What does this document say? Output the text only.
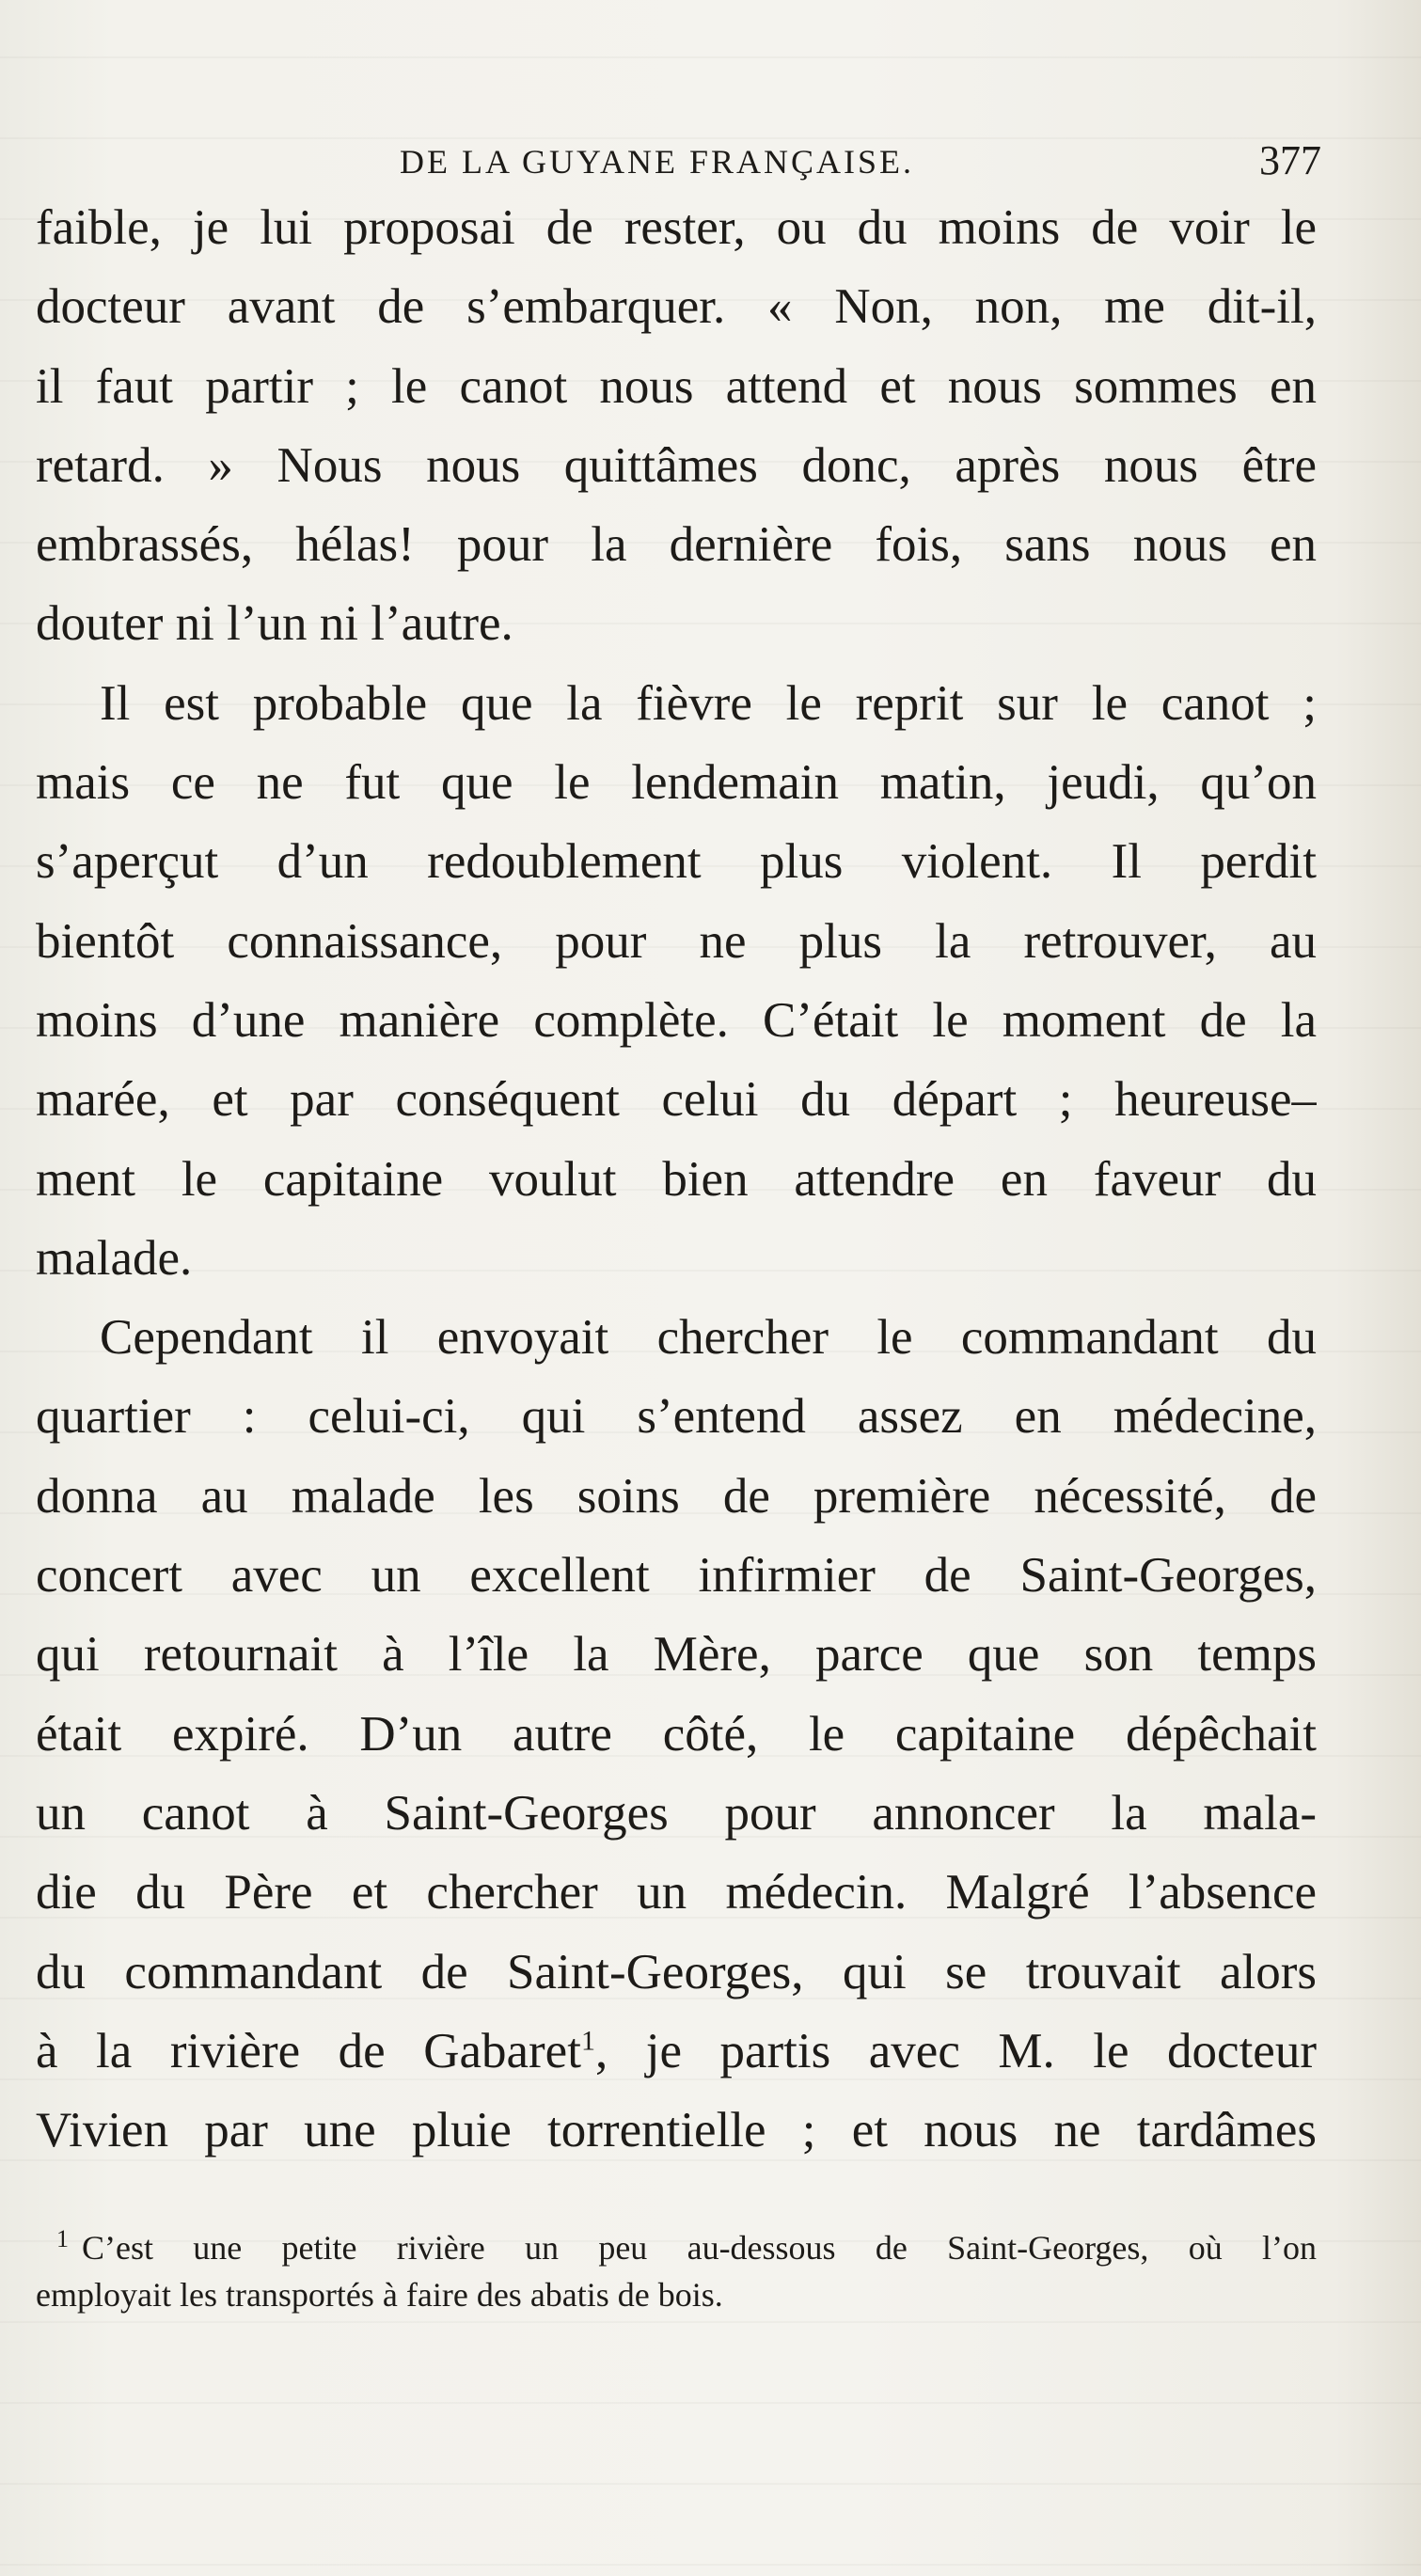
DE LA GUYANE FRANÇAISE.	377
faible, je lui proposai de rester, ou du moins de voir le
docteur avant de s’embarquer. « Non, non, me dit-il,
il faut partir ; le canot nous attend et nous sommes en
retard. » Nous nous quittâmes donc, après nous être
embrassés, hélas! pour la dernière fois, sans nous en
douter ni l’un ni l’autre.
Il est probable que la fièvre le reprit sur le canot ;
mais ce ne fut que le lendemain matin, jeudi, qu’on
s’aperçut d’un redoublement plus violent. Il perdit
bientôt connaissance, pour ne plus la retrouver, au
moins d’une manière complète. C’était le moment de la
marée, et par conséquent celui du départ ; heureuse–
ment le capitaine voulut bien attendre en faveur du
malade.
Cependant il envoyait chercher le commandant du
quartier : celui-ci, qui s’entend assez en médecine,
donna au malade les soins de première nécessité, de
concert avec un excellent infirmier de Saint-Georges,
qui retournait à l’île la Mère, parce que son temps
était expiré. D’un autre côté, le capitaine dépêchait
un canot à Saint-Georges pour annoncer la mala-
die du Père et chercher un médecin. Malgré l’absence
du commandant de Saint-Georges, qui se trouvait alors
à la rivière de Gabaret$^1$, je partis avec M. le docteur
Vivien par une pluie torrentielle ; et nous ne tardâmes
$^1$ C’est une petite rivière un peu au-dessous de Saint-Georges, où l’on
employait les transportés à faire des abatis de bois.
